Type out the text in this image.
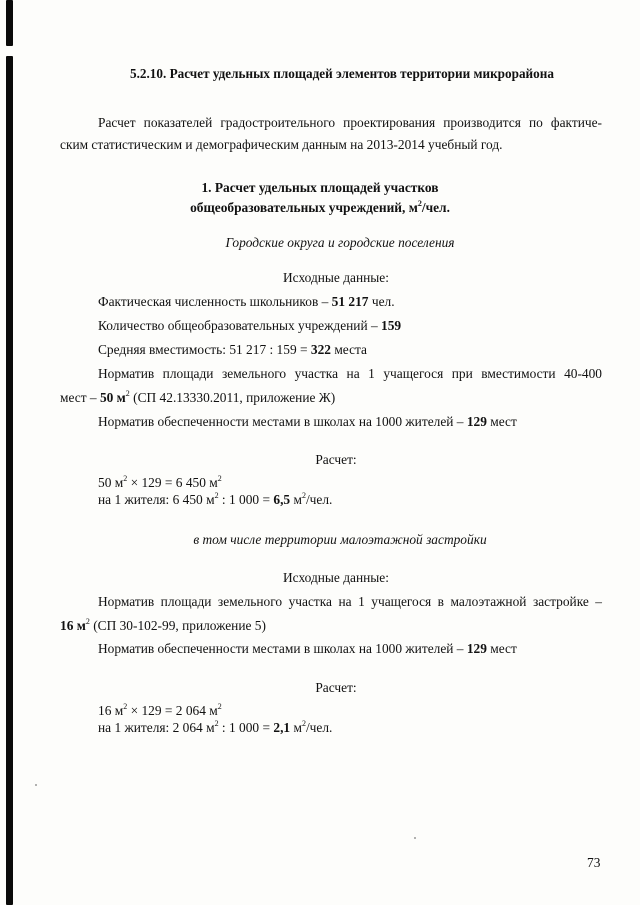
5.2.10. Расчет удельных площадей элементов территории микрорайона
Расчет показателей градостроительного проектирования производится по фактиче-
ским статистическим и демографическим данным на 2013-2014 учебный год.
1. Расчет удельных площадей участков
общеобразовательных учреждений, $м^2$/чел.
Городские округа и городские поселения
Исходные данные:
Фактическая численность школьников – 51 217 чел.
Количество общеобразовательных учреждений – 159
Средняя вместимость: 51 217 : 159 = 322 места
Норматив площади земельного участка на 1 учащегося при вместимости 40-400
мест – 50 $м^2$ (СП 42.13330.2011, приложение Ж)
Норматив обеспеченности местами в школах на 1000 жителей – 129 мест
Расчет:
50 $м^2 \times 129 = 6$ 450 $м^2$
на 1 жителя: 6 450 $м^2$ : 1 000 = 6,5 $м^2$/чел.
в том числе территории малоэтажной застройки
Исходные данные:
Норматив площади земельного участка на 1 учащегося в малоэтажной застройке –
16 $м^2$ (СП 30-102-99, приложение 5)
Норматив обеспеченности местами в школах на 1000 жителей – 129 мест
Расчет:
16 $м^2 \times 129 = 2$ 064 $м^2$
на 1 жителя: 2 064 $м^2$ : 1 000 = 2,1 $м^2$/чел.
73
